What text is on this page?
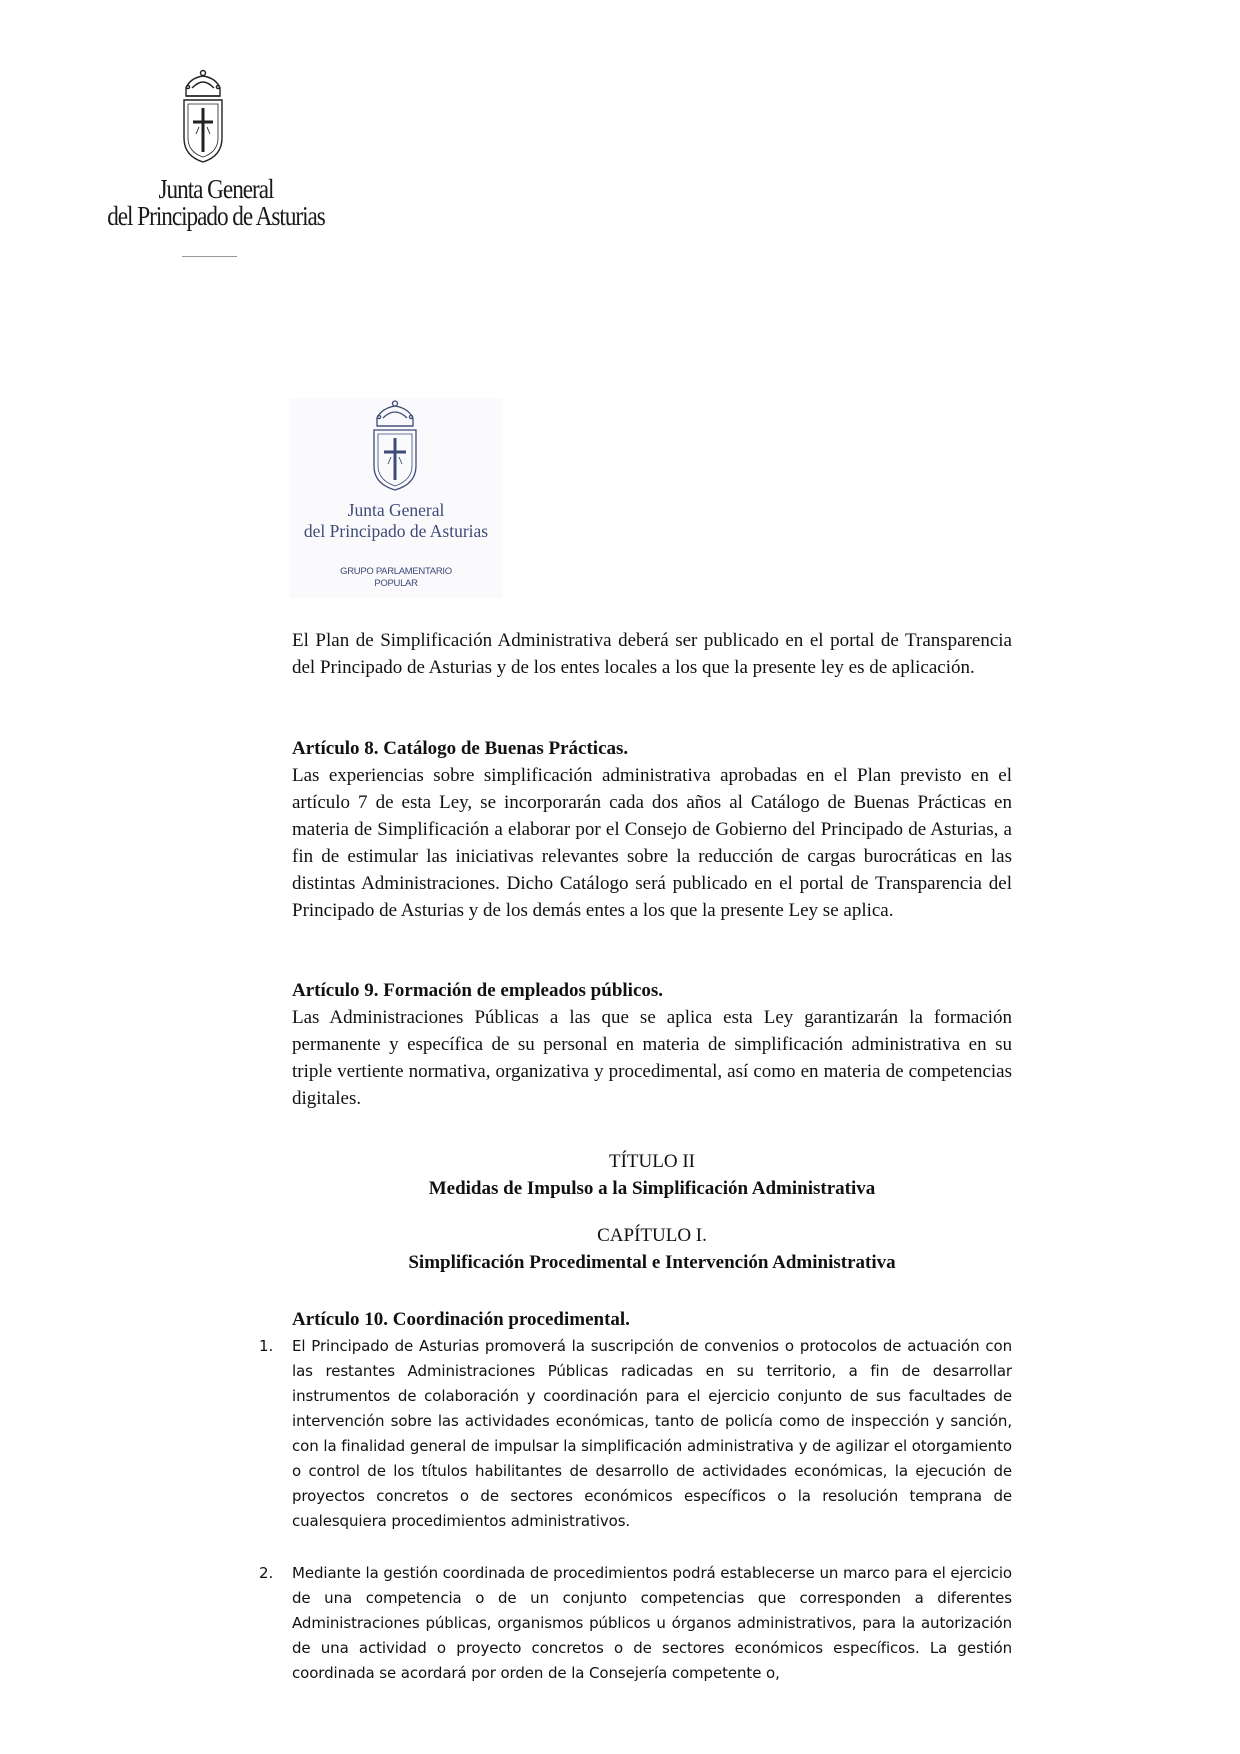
Junta General
del Principado de Asturias
Junta General
del Principado de Asturias
GRUPO PARLAMENTARIO
POPULAR

El Plan de Simplificación Administrativa deberá ser publicado en el portal de Transparencia del Principado de Asturias y de los entes locales a los que la presente ley es de aplicación.

Artículo 8. Catálogo de Buenas Prácticas.

Las experiencias sobre simplificación administrativa aprobadas en el Plan previsto en el artículo 7 de esta Ley, se incorporarán cada dos años al Catálogo de Buenas Prácticas en materia de Simplificación a elaborar por el Consejo de Gobierno del Principado de Asturias, a fin de estimular las iniciativas relevantes sobre la reducción de cargas burocráticas en las distintas Administraciones. Dicho Catálogo será publicado en el portal de Transparencia del Principado de Asturias y de los demás entes a los que la presente Ley se aplica.

Artículo 9. Formación de empleados públicos.

Las Administraciones Públicas a las que se aplica esta Ley garantizarán la formación permanente y específica de su personal en materia de simplificación administrativa en su triple vertiente normativa, organizativa y procedimental, así como en materia de competencias digitales.

TÍTULO II

Medidas de Impulso a la Simplificación Administrativa

CAPÍTULO I.

Simplificación Procedimental e Intervención Administrativa

Artículo 10. Coordinación procedimental.

1. El Principado de Asturias promoverá la suscripción de convenios o protocolos de actuación con las restantes Administraciones Públicas radicadas en su territorio, a fin de desarrollar instrumentos de colaboración y coordinación para el ejercicio conjunto de sus facultades de intervención sobre las actividades económicas, tanto de policía como de inspección y sanción, con la finalidad general de impulsar la simplificación administrativa y de agilizar el otorgamiento o control de los títulos habilitantes de desarrollo de actividades económicas, la ejecución de proyectos concretos o de sectores económicos específicos o la resolución temprana de cualesquiera procedimientos administrativos.
2. Mediante la gestión coordinada de procedimientos podrá establecerse un marco para el ejercicio de una competencia o de un conjunto competencias que corresponden a diferentes Administraciones públicas, organismos públicos u órganos administrativos, para la autorización de una actividad o proyecto concretos o de sectores económicos específicos. La gestión coordinada se acordará por orden de la Consejería competente o,
